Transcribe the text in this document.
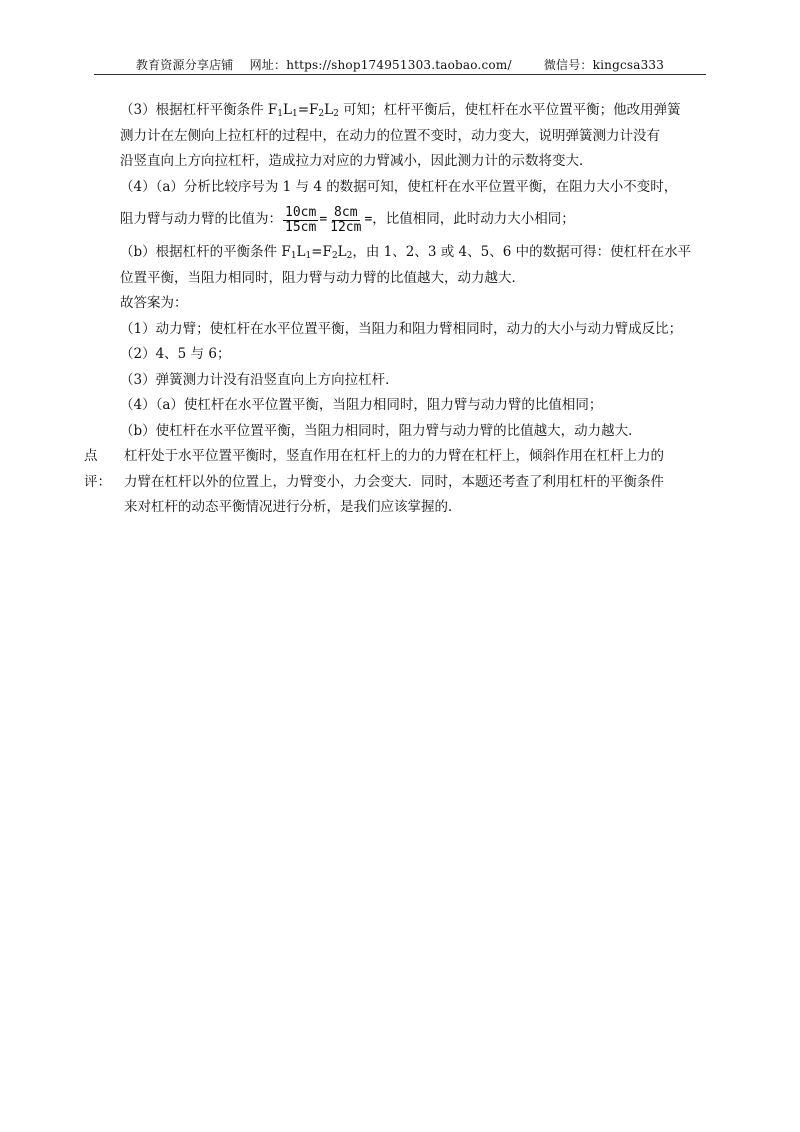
教育资源分享店铺 网址：https://shop174951303.taobao.com/	微信号：kingcsa333

（3）根据杠杆平衡条件 $F_1L_1=F_2L_2$ 可知；杠杆平衡后，使杠杆在水平位置平衡；他改用弹簧

测力计在左侧向上拉杠杆的过程中，在动力的位置不变时，动力变大，说明弹簧测力计没有

沿竖直向上方向拉杠杆，造成拉力对应的力臂减小，因此测力计的示数将变大．

（4）（a）分析比较序号为 1 与 4 的数据可知，使杠杆在水平位置平衡，在阻力大小不变时，

阻力臂与动力臂的比值为： $\frac{10cm}{15cm} = \frac{8cm}{12cm}$ = ，比值相同，此时动力大小相同；

（b）根据杠杆的平衡条件 $F_1L_1=F_2L_2$，由 1、2、3 或 4、5、6 中的数据可得：使杠杆在水平

位置平衡，当阻力相同时，阻力臂与动力臂的比值越大，动力越大．

故答案为：

（1）动力臂；使杠杆在水平位置平衡，当阻力和阻力臂相同时，动力的大小与动力臂成反比；

（2）4、5 与 6；

（3）弹簧测力计没有沿竖直向上方向拉杠杆．

（4）（a）使杠杆在水平位置平衡，当阻力相同时，阻力臂与动力臂的比值相同；

（b）使杠杆在水平位置平衡，当阻力相同时，阻力臂与动力臂的比值越大，动力越大．

点评：
杠杆处于水平位置平衡时，竖直作用在杠杆上的力的力臂在杠杆上，倾斜作用在杠杆上力的
力臂在杠杆以外的位置上，力臂变小，力会变大．同时，本题还考查了利用杠杆的平衡条件
来对杠杆的动态平衡情况进行分析，是我们应该掌握的．
